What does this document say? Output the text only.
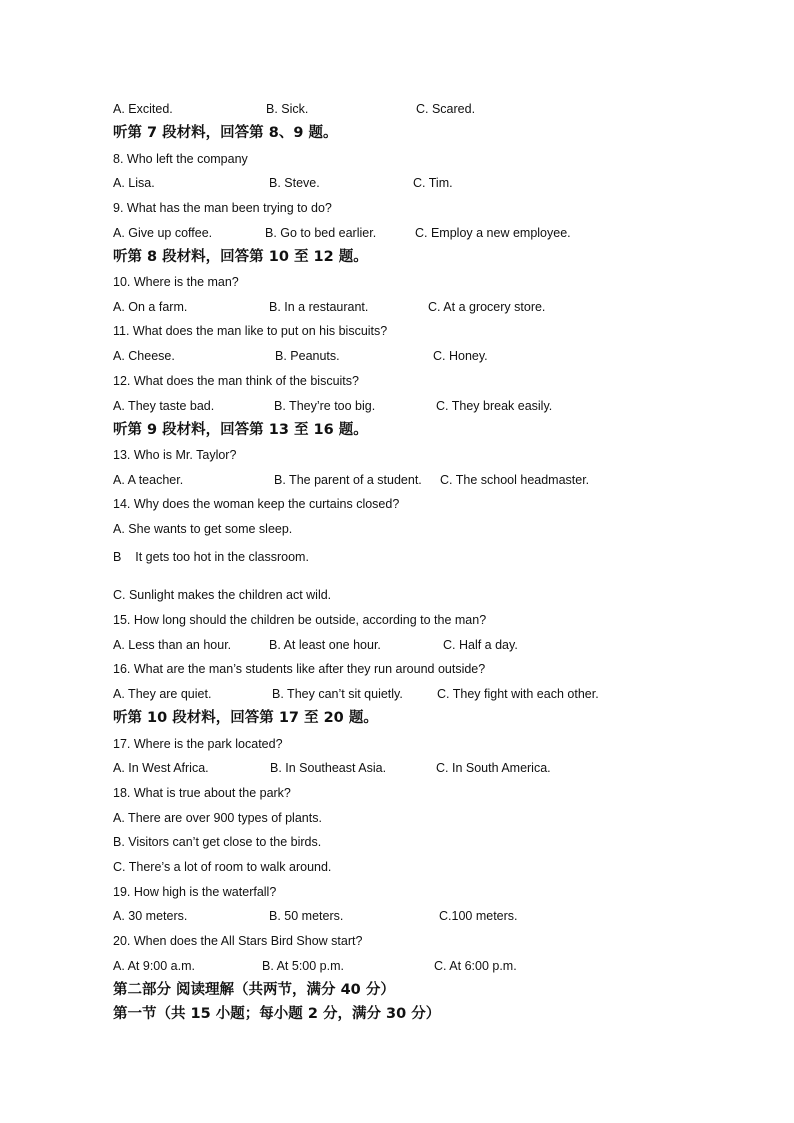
A. Excited.	B. Sick.	C. Scared.
听第 7 段材料，回答第 8、9 题。
8. Who left the company
A. Lisa.	B. Steve.	C. Tim.
9. What has the man been trying to do?
A. Give up coffee.	B. Go to bed earlier.	C. Employ a new employee.
听第 8 段材料，回答第 10 至 12 题。
10. Where is the man?
A. On a farm.	B. In a restaurant.	C. At a grocery store.
11. What does the man like to put on his biscuits?
A. Cheese.	B. Peanuts.	C. Honey.
12. What does the man think of the biscuits?
A. They taste bad.	B. They’re too big.	C. They break easily.
听第 9 段材料，回答第 13 至 16 题。
13. Who is Mr. Taylor?
A. A teacher.	B. The parent of a student. C. The school headmaster.
14. Why does the woman keep the curtains closed?
A. She wants to get some sleep.
B    It gets too hot in the classroom.
C. Sunlight makes the children act wild.
15. How long should the children be outside, according to the man?
A. Less than an hour.	B. At least one hour.	C. Half a day.
16. What are the man’s students like after they run around outside?
A. They are quiet.	B. They can’t sit quietly.	C. They fight with each other.
听第 10 段材料，回答第 17 至 20 题。
17. Where is the park located?
A. In West Africa.	B. In Southeast Asia.	C. In South America.
18. What is true about the park?
A. There are over 900 types of plants.
B. Visitors can’t get close to the birds.
C. There’s a lot of room to walk around.
19. How high is the waterfall?
A. 30 meters.	B. 50 meters.	C.100 meters.
20. When does the All Stars Bird Show start?
A. At 9:00 a.m.	B. At 5:00 p.m.	C. At 6:00 p.m.
第二部分 阅读理解（共两节，满分 40 分）
第一节（共 15 小题；每小题 2 分，满分 30 分）
